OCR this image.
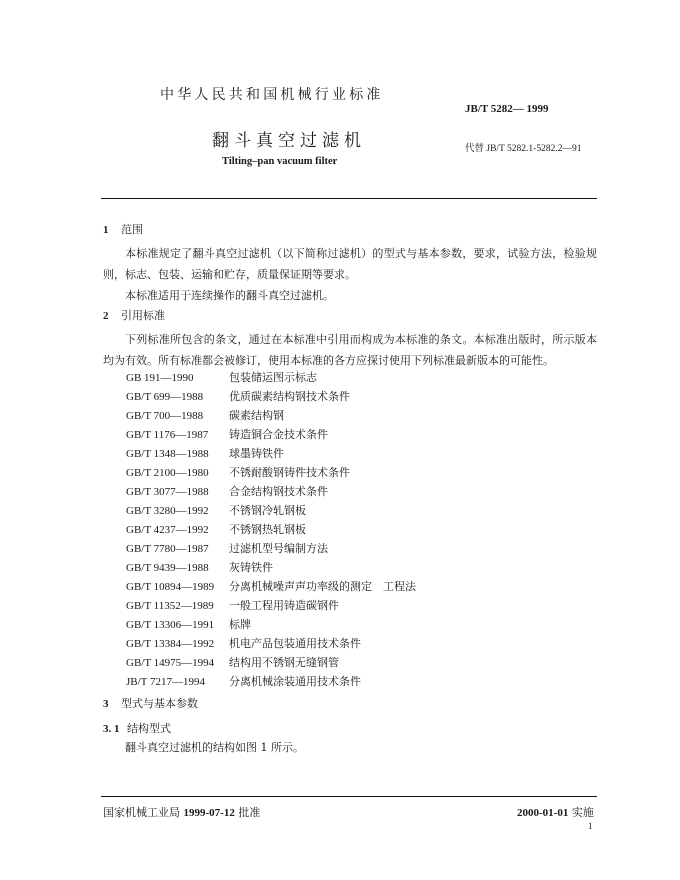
中华人民共和国机械行业标准
JB/T 5282— 1999
翻斗真空过滤机	代替 JB/T 5282.1-5282.2—91
Tilting–pan vacuum filter
1 范围

本标准规定了翻斗真空过滤机（以下简称过滤机）的型式与基本参数，要求，试验方法，检验规则，标志、包装、运输和贮存，质量保证期等要求。

本标准适用于连续操作的翻斗真空过滤机。

2 引用标准

下列标准所包含的条文，通过在本标准中引用而构成为本标准的条文。本标准出版时，所示版本均为有效。所有标准都会被修订，使用本标准的各方应探讨使用下列标准最新版本的可能性。

GB 191—1990	包装储运图示标志
GB/T 699—1988 优质碳素结构钢技术条件
GB/T 700—1988 碳素结构钢
GB/T 1176—1987 铸造铜合金技术条件
GB/T 1348—1988 球墨铸铁件
GB/T 2100—1980 不锈耐酸钢铸件技术条件
GB/T 3077—1988 合金结构钢技术条件
GB/T 3280—1992 不锈钢冷轧钢板
GB/T 4237—1992 不锈钢热轧钢板
GB/T 7780—1987 过滤机型号编制方法
GB/T 9439—1988 灰铸铁件
GB/T 10894—1989 分离机械噪声声功率级的测定　工程法
GB/T 11352—1989 一般工程用铸造碳钢件
GB/T 13306—1991 标牌
GB/T 13384—1992 机电产品包装通用技术条件
GB/T 14975—1994 结构用不锈钢无缝钢管
JB/T 7217—1994 分离机械涂装通用技术条件
3 型式与基本参数
3. 1 结构型式

翻斗真空过滤机的结构如图 1 所示。

国家机械工业局 1999-07-12 批准	2000-01-01 实施
1
